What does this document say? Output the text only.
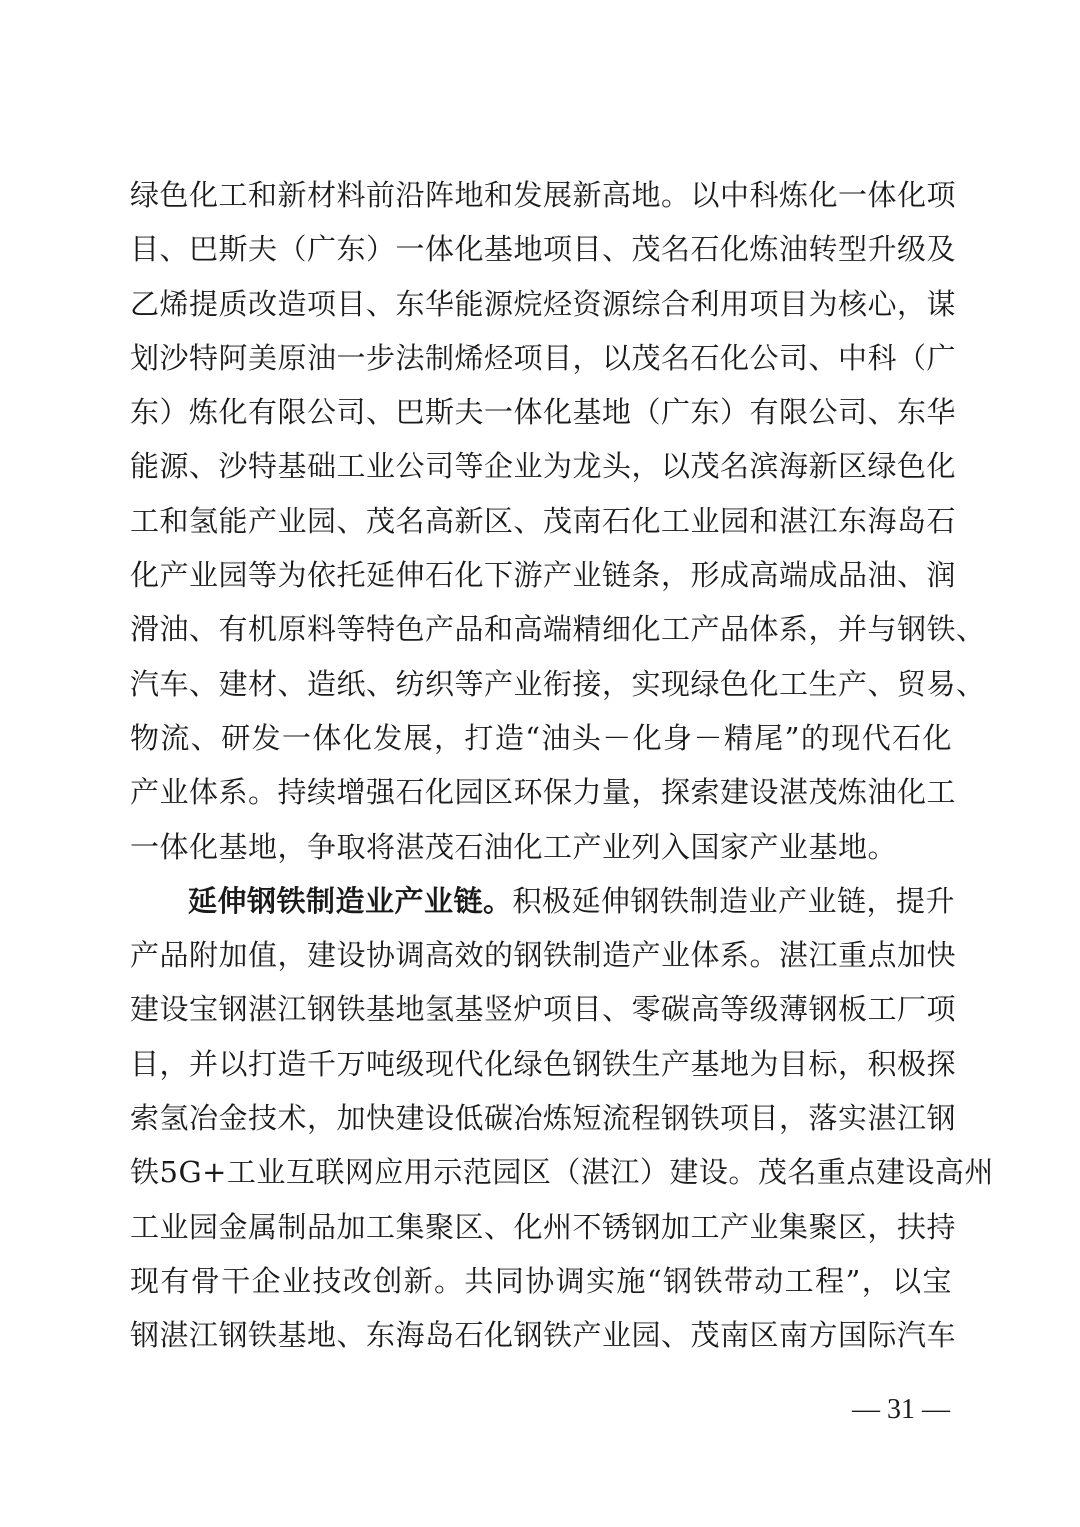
绿色化工和新材料前沿阵地和发展新高地。以中科炼化一体化项
目、巴斯夫（广东）一体化基地项目、茂名石化炼油转型升级及
乙烯提质改造项目、东华能源烷烃资源综合利用项目为核心，谋
划沙特阿美原油一步法制烯烃项目，以茂名石化公司、中科（广
东）炼化有限公司、巴斯夫一体化基地（广东）有限公司、东华
能源、沙特基础工业公司等企业为龙头，以茂名滨海新区绿色化
工和氢能产业园、茂名高新区、茂南石化工业园和湛江东海岛石
化产业园等为依托延伸石化下游产业链条，形成高端成品油、润
滑油、有机原料等特色产品和高端精细化工产品体系，并与钢铁、
汽车、建材、造纸、纺织等产业衔接，实现绿色化工生产、贸易、
物流、研发一体化发展，打造“油头－化身－精尾”的现代石化
产业体系。持续增强石化园区环保力量，探索建设湛茂炼油化工
一体化基地，争取将湛茂石油化工产业列入国家产业基地。
延伸钢铁制造业产业链。积极延伸钢铁制造业产业链，提升
产品附加值，建设协调高效的钢铁制造产业体系。湛江重点加快
建设宝钢湛江钢铁基地氢基竖炉项目、零碳高等级薄钢板工厂项
目，并以打造千万吨级现代化绿色钢铁生产基地为目标，积极探
索氢冶金技术，加快建设低碳冶炼短流程钢铁项目，落实湛江钢
铁5G+工业互联网应用示范园区（湛江）建设。茂名重点建设高州
工业园金属制品加工集聚区、化州不锈钢加工产业集聚区，扶持
现有骨干企业技改创新。共同协调实施“钢铁带动工程”，以宝
钢湛江钢铁基地、东海岛石化钢铁产业园、茂南区南方国际汽车
— 31 —
